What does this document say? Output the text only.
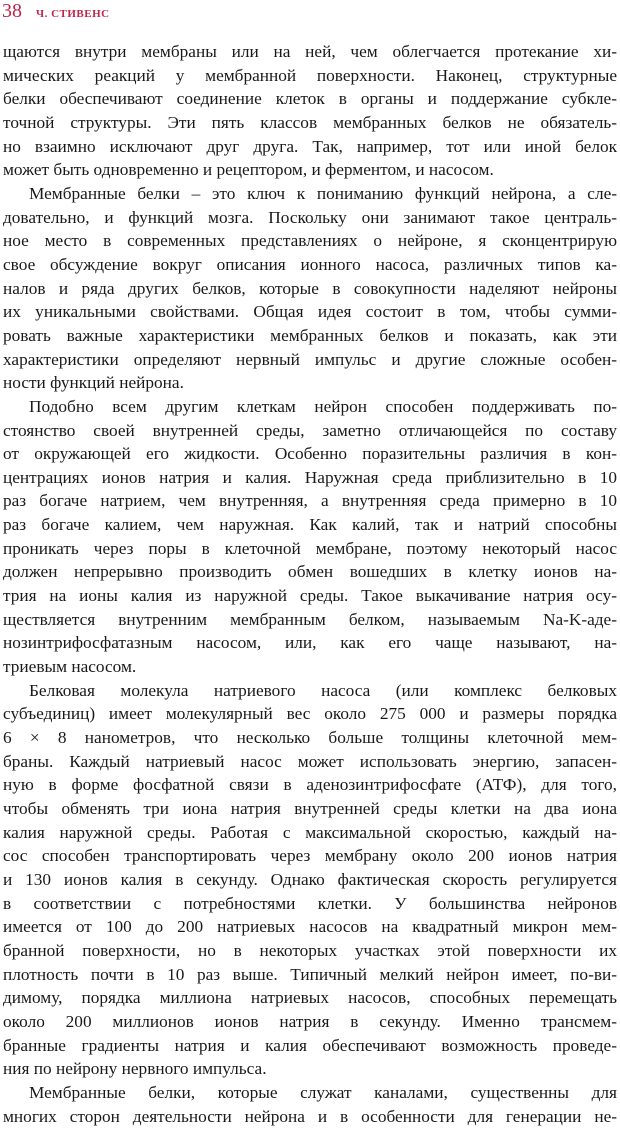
38 Ч. СТИВЕНС
щаются внутри мембраны или на ней, чем облегчается протекание хи-
мических реакций у мембранной поверхности. Наконец, структурные
белки обеспечивают соединение клеток в органы и поддержание субкле-
точной структуры. Эти пять классов мембранных белков не обязатель-
но взаимно исключают друг друга. Так, например, тот или иной белок
может быть одновременно и рецептором, и ферментом, и насосом.
Мембранные белки – это ключ к пониманию функций нейрона, а сле-
довательно, и функций мозга. Поскольку они занимают такое централь-
ное место в современных представлениях о нейроне, я сконцентрирую
свое обсуждение вокруг описания ионного насоса, различных типов ка-
налов и ряда других белков, которые в совокупности наделяют нейроны
их уникальными свойствами. Общая идея состоит в том, чтобы сумми-
ровать важные характеристики мембранных белков и показать, как эти
характеристики определяют нервный импульс и другие сложные особен-
ности функций нейрона.
Подобно всем другим клеткам нейрон способен поддерживать по-
стоянство своей внутренней среды, заметно отличающейся по составу
от окружающей его жидкости. Особенно поразительны различия в кон-
центрациях ионов натрия и калия. Наружная среда приблизительно в 10
раз богаче натрием, чем внутренняя, а внутренняя среда примерно в 10
раз богаче калием, чем наружная. Как калий, так и натрий способны
проникать через поры в клеточной мембране, поэтому некоторый насос
должен непрерывно производить обмен вошедших в клетку ионов на-
трия на ионы калия из наружной среды. Такое выкачивание натрия осу-
ществляется внутренним мембранным белком, называемым Na-K-аде-
нозинтрифосфатазным насосом, или, как его чаще называют, на-
триевым насосом.
Белковая молекула натриевого насоса (или комплекс белковых
субъединиц) имеет молекулярный вес около 275 000 и размеры порядка
6 × 8 нанометров, что несколько больше толщины клеточной мем-
браны. Каждый натриевый насос может использовать энергию, запасен-
ную в форме фосфатной связи в аденозинтрифосфате (АТФ), для того,
чтобы обменять три иона натрия внутренней среды клетки на два иона
калия наружной среды. Работая с максимальной скоростью, каждый на-
сос способен транспортировать через мембрану около 200 ионов натрия
и 130 ионов калия в секунду. Однако фактическая скорость регулируется
в соответствии с потребностями клетки. У большинства нейронов
имеется от 100 до 200 натриевых насосов на квадратный микрон мем-
бранной поверхности, но в некоторых участках этой поверхности их
плотность почти в 10 раз выше. Типичный мелкий нейрон имеет, по-ви-
димому, порядка миллиона натриевых насосов, способных перемещать
около 200 миллионов ионов натрия в секунду. Именно трансмем-
бранные градиенты натрия и калия обеспечивают возможность проведе-
ния по нейрону нервного импульса.
Мембранные белки, которые служат каналами, существенны для
многих сторон деятельности нейрона и в особенности для генерации не-
